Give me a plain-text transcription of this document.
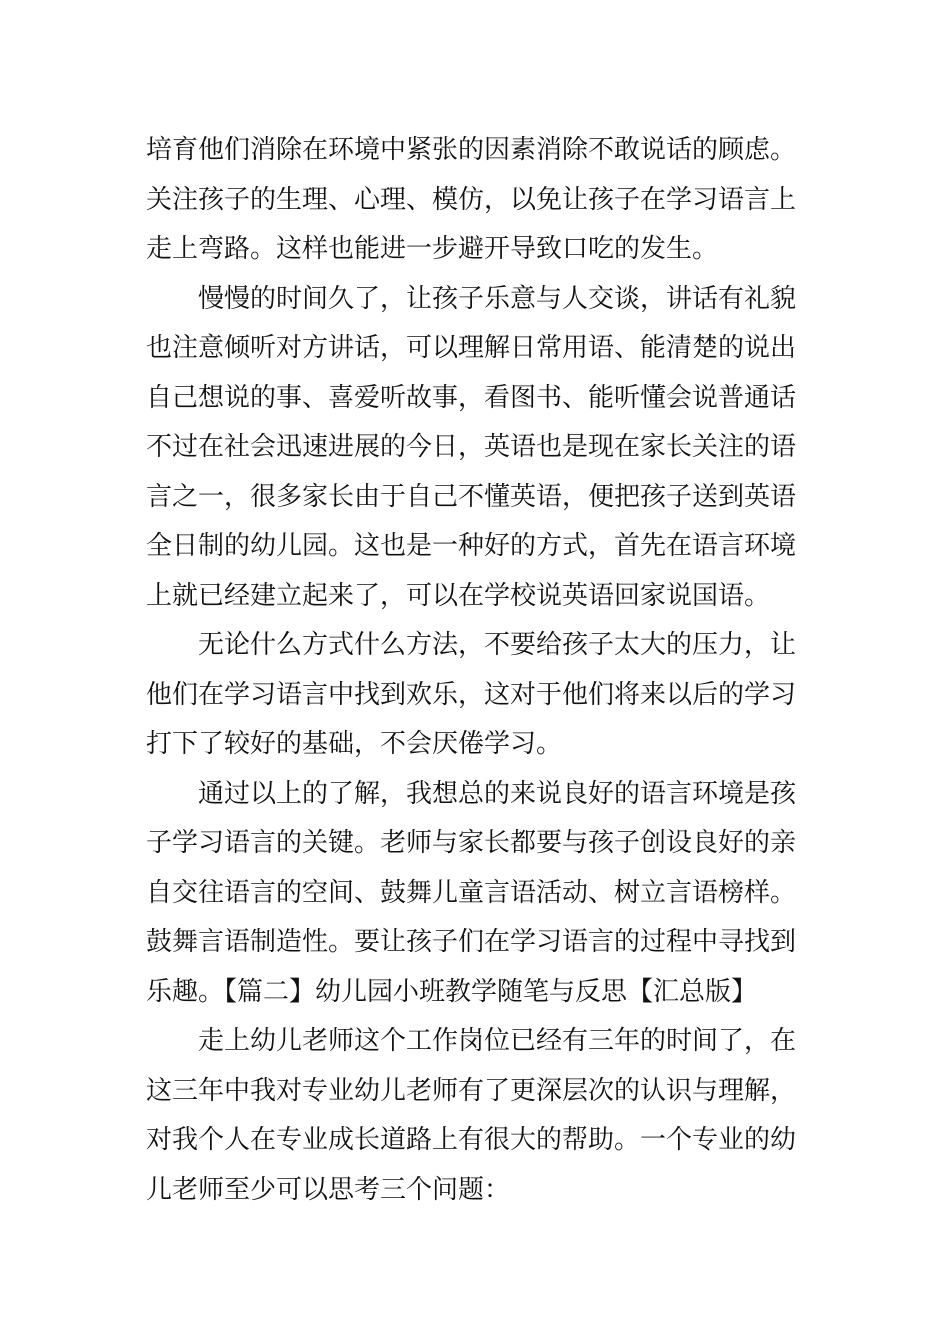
培育他们消除在环境中紧张的因素消除不敢说话的顾虑。
关注孩子的生理、心理、模仿，以免让孩子在学习语言上
走上弯路。这样也能进一步避开导致口吃的发生。
慢慢的时间久了，让孩子乐意与人交谈，讲话有礼貌
也注意倾听对方讲话，可以理解日常用语、能清楚的说出
自己想说的事、喜爱听故事，看图书、能听懂会说普通话
不过在社会迅速进展的今日，英语也是现在家长关注的语
言之一，很多家长由于自己不懂英语，便把孩子送到英语
全日制的幼儿园。这也是一种好的方式，首先在语言环境
上就已经建立起来了，可以在学校说英语回家说国语。
无论什么方式什么方法，不要给孩子太大的压力，让
他们在学习语言中找到欢乐，这对于他们将来以后的学习
打下了较好的基础，不会厌倦学习。
通过以上的了解，我想总的来说良好的语言环境是孩
子学习语言的关键。老师与家长都要与孩子创设良好的亲
自交往语言的空间、鼓舞儿童言语活动、树立言语榜样。
鼓舞言语制造性。要让孩子们在学习语言的过程中寻找到
乐趣。【篇二】幼儿园小班教学随笔与反思【汇总版】
走上幼儿老师这个工作岗位已经有三年的时间了，在
这三年中我对专业幼儿老师有了更深层次的认识与理解，
对我个人在专业成长道路上有很大的帮助。一个专业的幼
儿老师至少可以思考三个问题：
